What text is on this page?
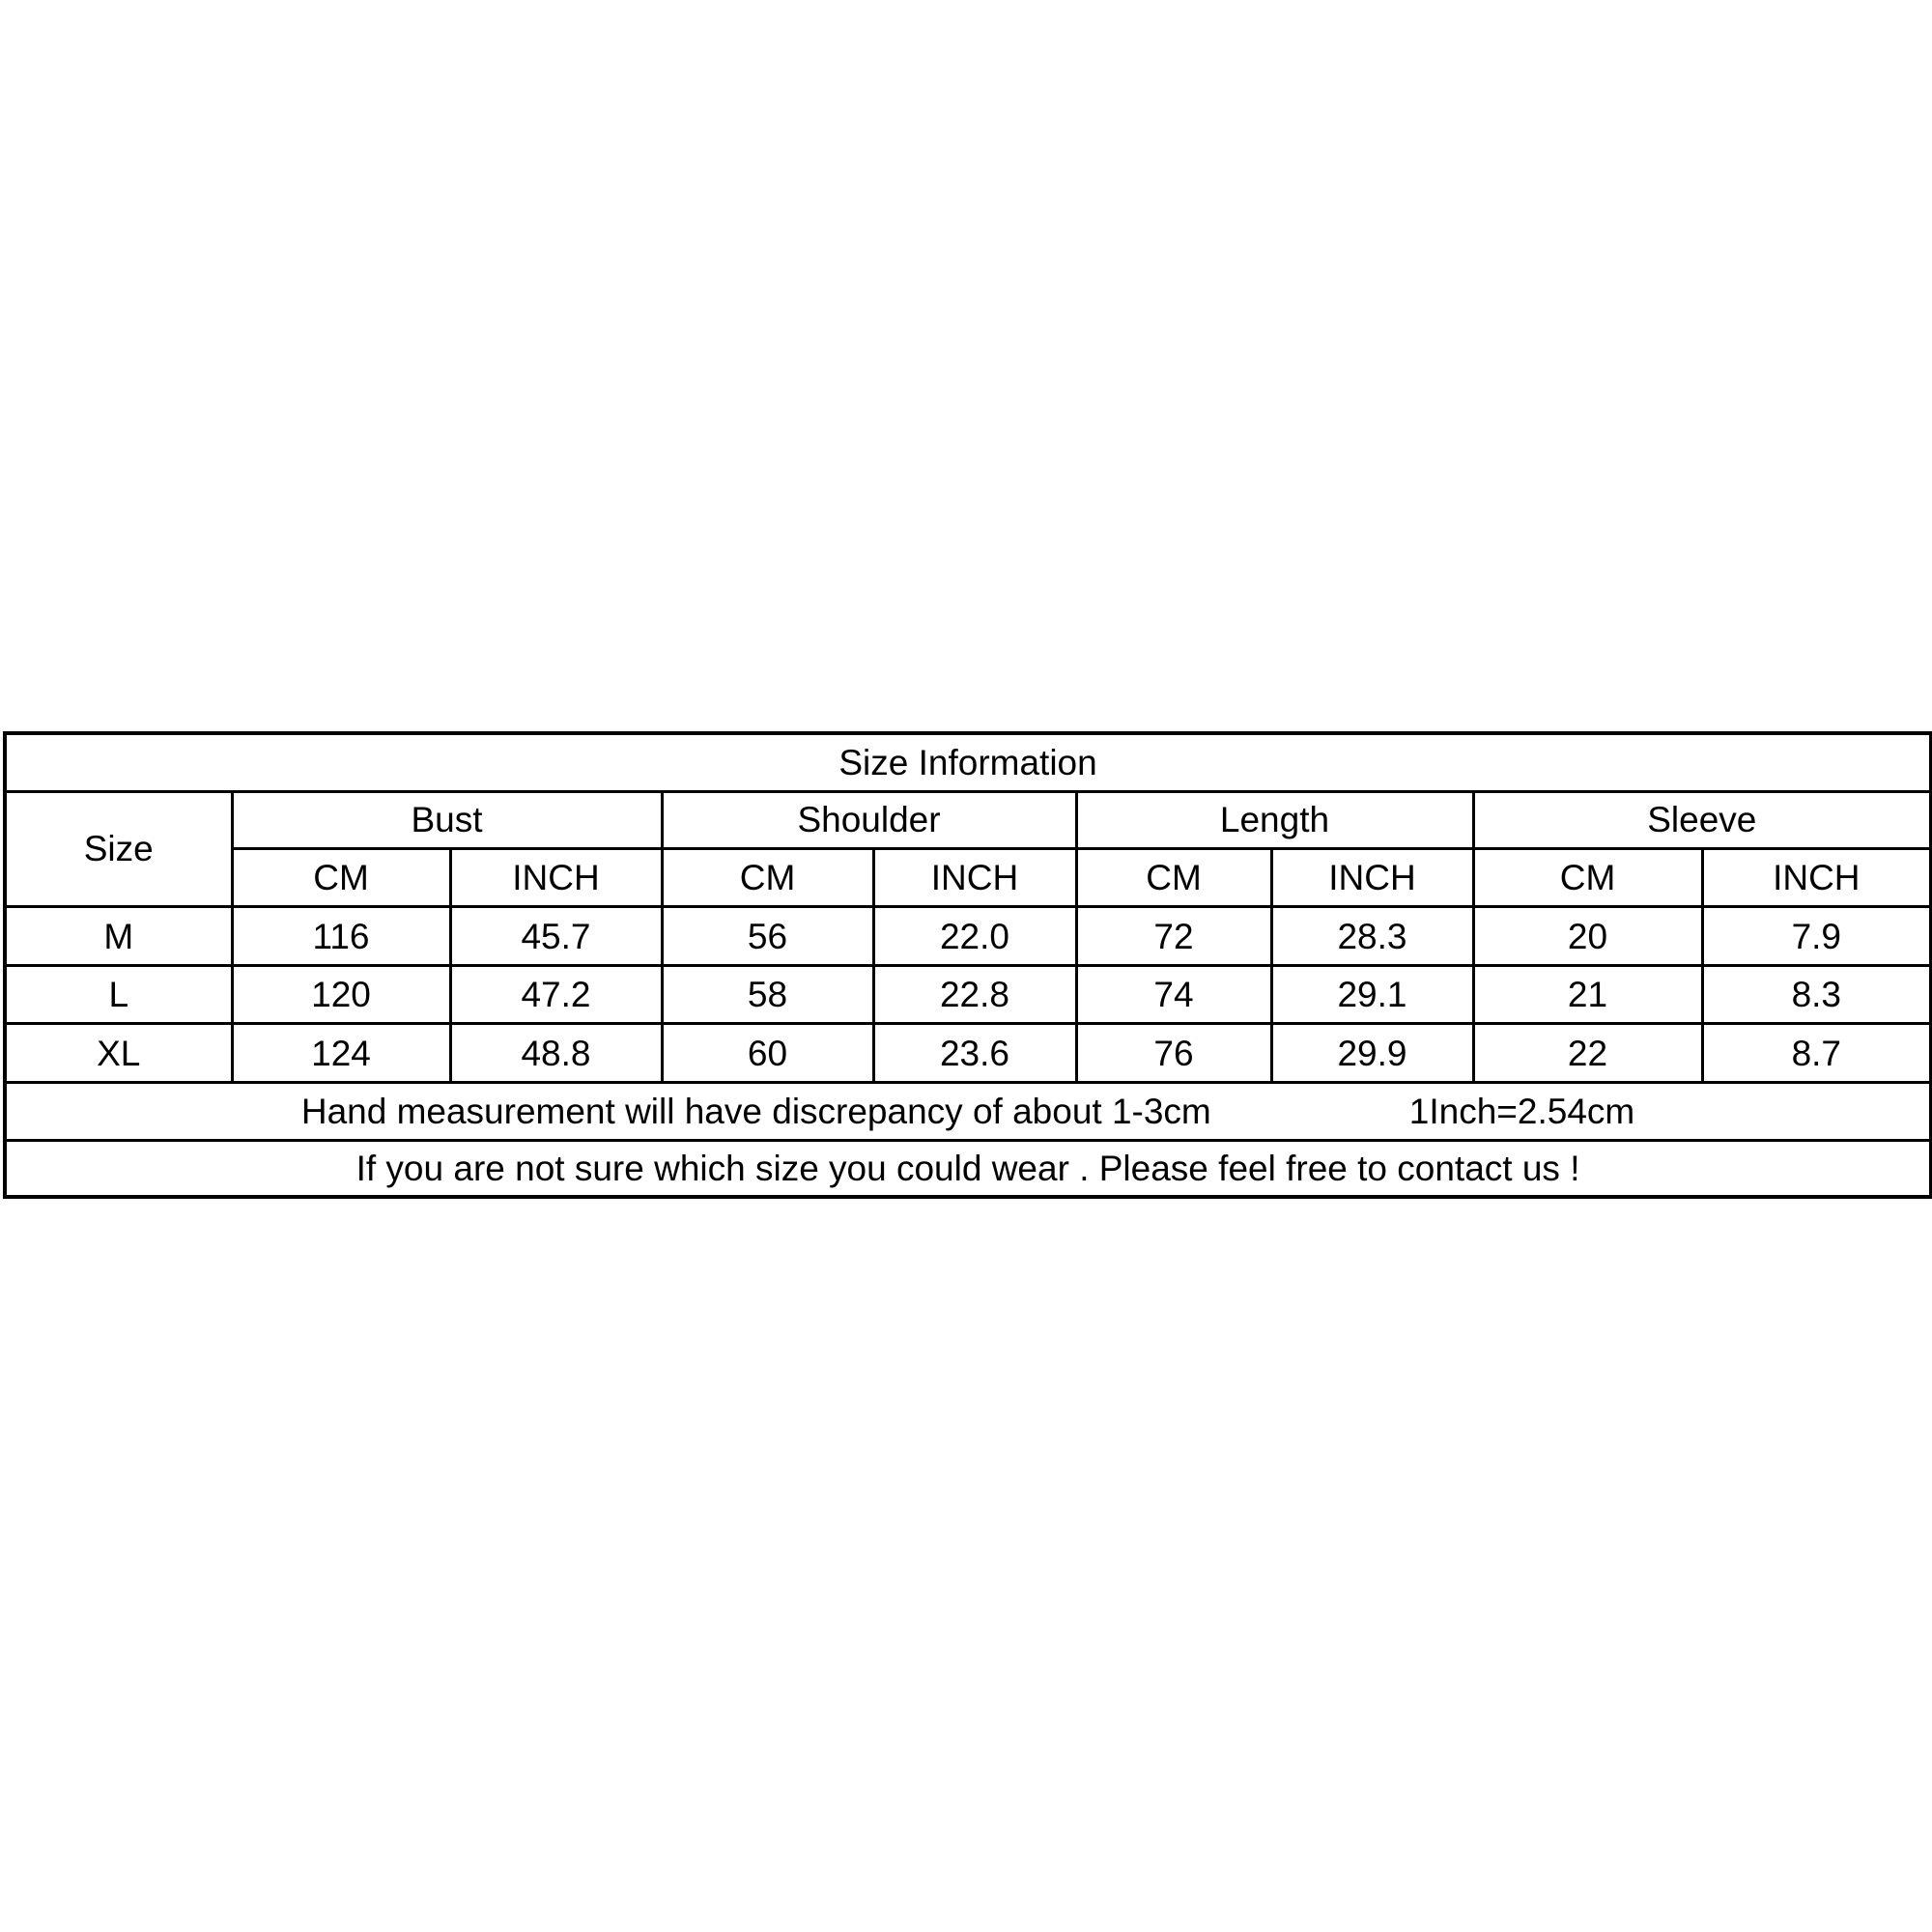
Size Information								
Size	Bust		Shoulder		Length		Sleeve	
	CM	INCH	CM	INCH	CM	INCH	CM	INCH
M	116	45.7	56	22.0	72	28.3	20	7.9
L	120	47.2	58	22.8	74	29.1	21	8.3
XL	124	48.8	60	23.6	76	29.9	22	8.7
Hand measurement will have discrepancy of about 1-3cm 1Inch=2.54cm								
If you are not sure which size you could wear . Please feel free to contact us !								
